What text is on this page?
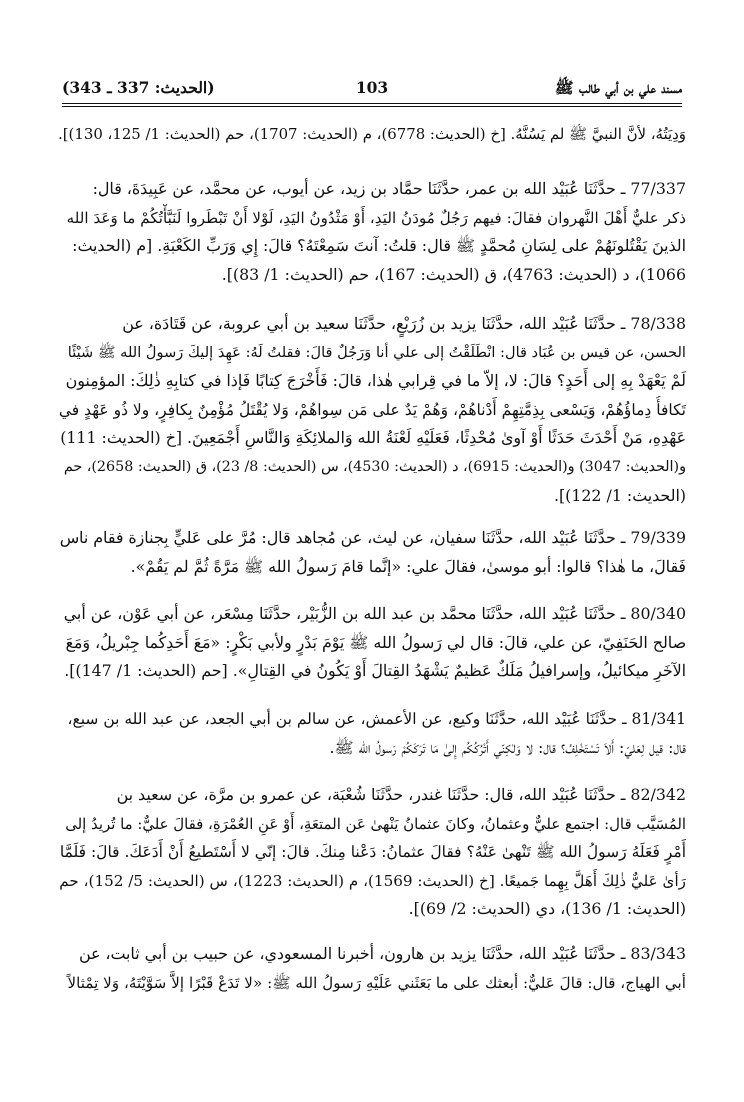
مسند علي بن أبي طالب ﷺ
103
(الحديث: 337 ـ 343)
وَدِيَتُهُ، لأنَّ النبيَّ ﷺ لم يَسُنَّهُ. [خ (الحديث: 6778)، م (الحديث: 1707)، حم (الحديث: 1/ 125، 130)].
77/337 ـ حدَّثَنَا عُبَيْد الله بن عمر، حدَّثَنَا حمَّاد بن زيد، عن أيوب، عن محمَّد، عن عَبِيدَةَ، قال:
ذكر عليٌّ أَهْلَ النَّهروان فقالَ: فيهم رَجُلٌ مُودَنُ اليَدِ، أَوْ مَثْدُونُ اليَدِ، لَوْلا أَنْ تَبْطَروا لَنَبَّأْتُكُمْ ما وَعَدَ الله
الذينَ يَقْتُلونَهُمْ على لِسَانِ مُحمَّدٍ ﷺ قال: قلتُ: آنتَ سَمِعْتَهُ؟ قالَ: إِي وَرَبِّ الكَعْبَةِ. [م (الحديث:
1066)، د (الحديث: 4763)، ق (الحديث: 167)، حم (الحديث: 1/ 83)].
78/338 ـ حدَّثَنَا عُبَيْد الله، حدَّثَنَا يزيد بن زُرَيْعٍ، حدَّثَنَا سعيد بن أبي عروبة، عن قَتَادَة، عن
الحسن، عن قيس بن عُبَاد قال: انْطَلَقْتُ إلى علي أنا وَرَجُلٌ قالَ: فقلتُ لَهُ: عَهِدَ إليكَ رَسولُ الله ﷺ شَيْئًا
لَمْ يَعْهَدْ بِهِ إلى أَحَدٍ؟ قالَ: لا، إلاّ ما في قِرابي هٰذا، قالَ: فَأَخْرَجَ كِتابًا فَإذا في كتابِهِ ذٰلِكَ: المؤمِنون
تَكافأُ دِماؤُهُمْ، وَيَسْعى بِذِمَّتِهِمْ أَدْناهُمْ، وَهُمْ يَدٌ على مَن سِواهُمْ، وَلا يُقْتَلُ مُؤْمِنٌ بِكافِرٍ، ولا ذُو عَهْدٍ في
عَهْدِهِ، مَنْ أَحْدَثَ حَدَثًا أَوْ آوىٰ مُحْدِثًا، فَعَلَيْهِ لَعْنَةُ الله وَالملائِكَةِ وَالنَّاسِ أَجْمَعِينَ. [خ (الحديث: 111)
و(الحديث: 3047) و(الحديث: 6915)، د (الحديث: 4530)، س (الحديث: 8/ 23)، ق (الحديث: 2658)، حم
(الحديث: 1/ 122)].
79/339 ـ حدَّثَنَا عُبَيْد الله، حدَّثَنَا سفيان، عن ليث، عن مُجاهد قال: مُرَّ على عَليٍّ بِجنازة فقام ناس
فَقالَ، ما هٰذا؟ قالوا: أبو موسىٰ، فقالَ علي: «إنَّما قامَ رَسولُ الله ﷺ مَرَّةً ثُمَّ لم يَقُمْ».
80/340 ـ حدَّثَنَا عُبَيْد الله، حدَّثَنَا محمَّد بن عبد الله بن الزُّبَيْر، حدَّثَنَا مِسْعَر، عن أبي عَوْن، عن أبي
صالح الحَنَفِيّ، عن علي، قالَ: قال لي رَسولُ الله ﷺ يَوْمَ بَدْرٍ ولأبي بَكْرٍ: «مَعَ أَحَدِكُما جِبْريلُ، وَمَعَ
الآخَرِ ميكائيلُ، وإسرافيلُ مَلَكٌ عَظيمٌ يَشْهَدُ القِتالَ أَوْ يَكُونُ في القِتالِ». [حم (الحديث: 1/ 147)].
81/341 ـ حدَّثَنَا عُبَيْد الله، حدَّثَنَا وكيع، عن الأعمش، عن سالم بن أبي الجعد، عن عبد الله بن سبع،
قال: قيل لِعَليّ: أَلاَ تَسْتَخْلِفُ؟ قال: لا وَلٰكِنّي أَتْرُكُكُم إِلىٰ مَا تَرَكَكُمْ رَسولُ الله ﷺ.
82/342 ـ حدَّثَنَا عُبَيْد الله، قال: حدَّثَنَا غندر، حدَّثَنَا شُعْبَة، عن عمرو بن مرَّة، عن سعيد بن
المُسَيَّب قال: اجتمع عليٌّ وعثمانُ، وكانَ عثمانُ يَنْهىٰ عَن المتعَةِ، أَوْ عَنِ العُمْرَةِ، فقالَ عليٌّ: ما تُريدُ إلى
أَمْرٍ فَعَلَهُ رَسولُ الله ﷺ تَنْهىٰ عَنْهُ؟ فقالَ عثمانُ: دَعْنا مِنكَ. قالَ: إنّي لا أَسْتَطيعُ أَنْ أَدَعَكَ. قالَ: فَلَمَّا
رَأىٰ عَليٌّ ذٰلِكَ أَهَلَّ بِهِما جَميعًا. [خ (الحديث: 1569)، م (الحديث: 1223)، س (الحديث: 5/ 152)، حم
(الحديث: 1/ 136)، دي (الحديث: 2/ 69)].
83/343 ـ حدَّثَنَا عُبَيْد الله، حدَّثَنَا يزيد بن هارون، أخبرنا المسعودي، عن حبيب بن أبي ثابت، عن
أبي الهياج، قال: قالَ عَليٌّ: أبعثك على ما بَعَثَني عَلَيْهِ رَسولُ الله ﷺ: «لا تَدَعْ قَبْرًا إلاَّ سَوَّيْتَهُ، وَلا تِمْثالاً
